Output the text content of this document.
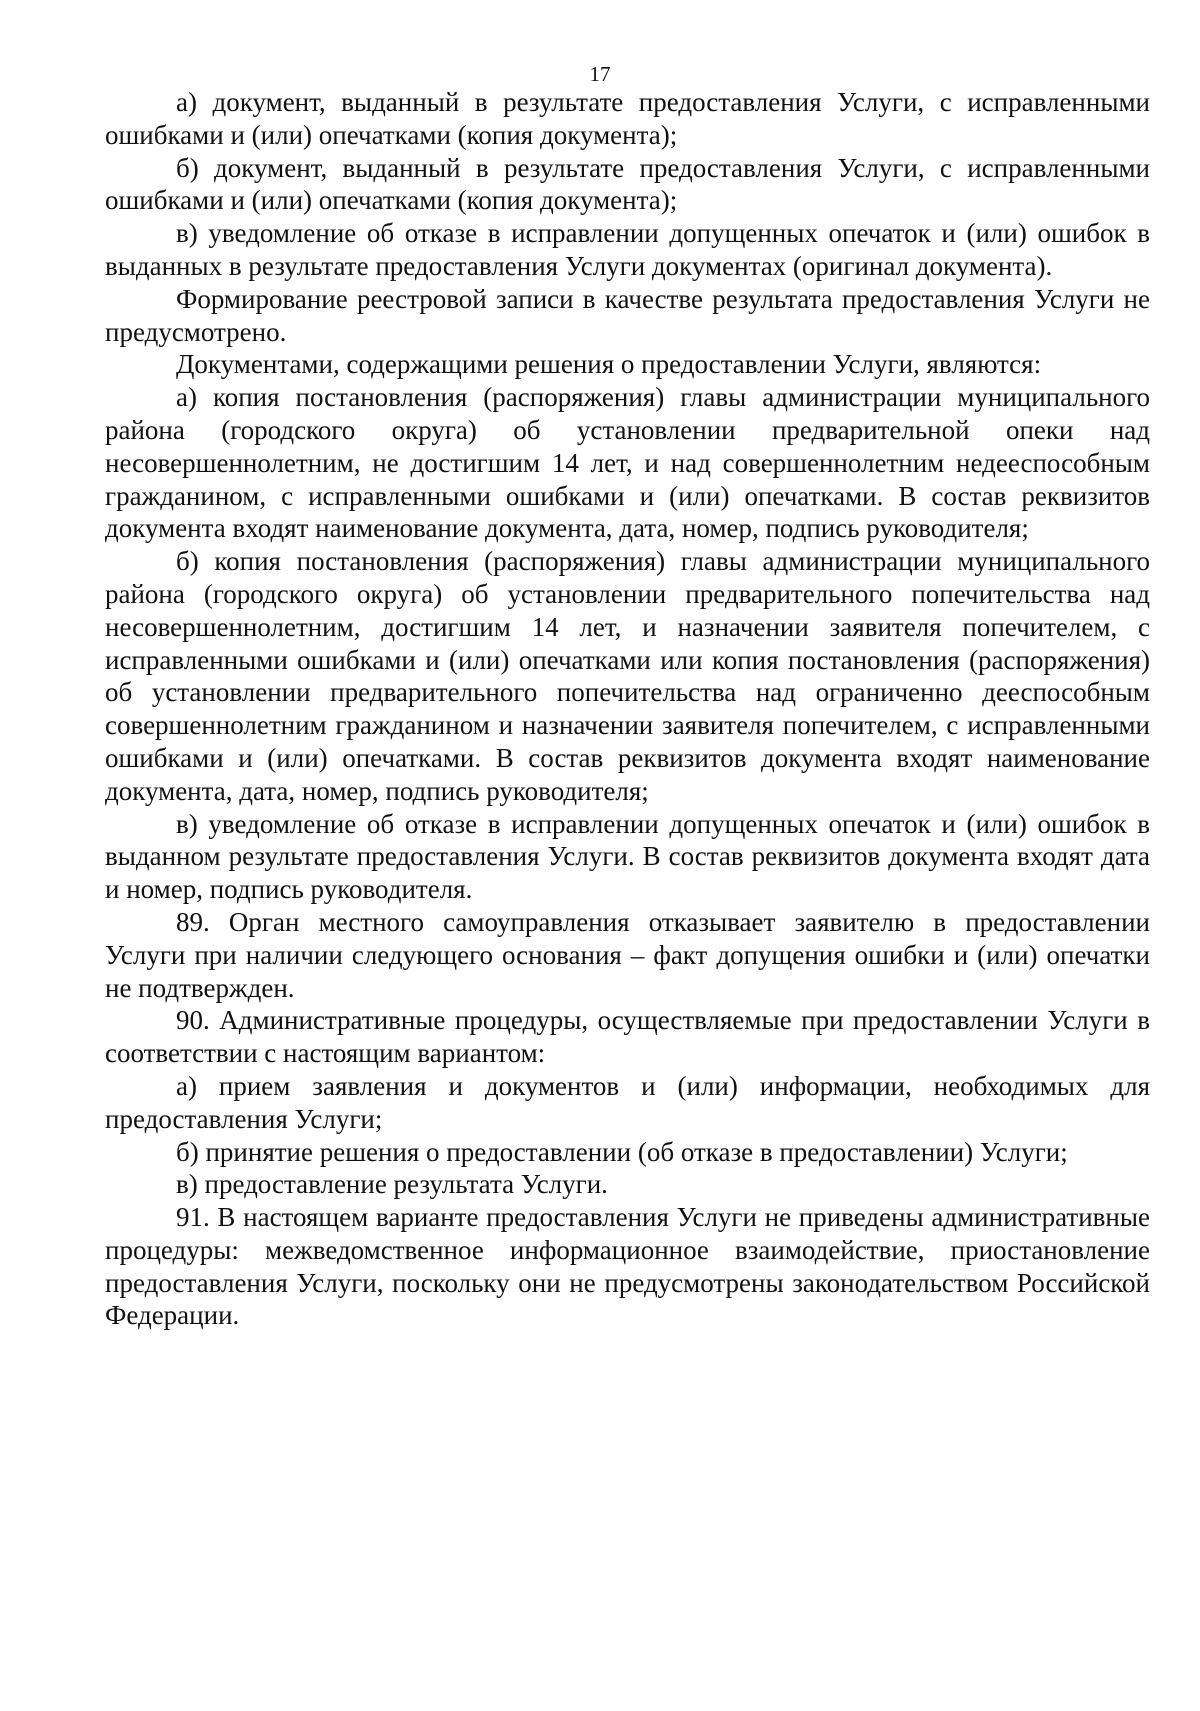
17

а) документ, выданный в результате предоставления Услуги, с исправленными ошибками и (или) опечатками (копия документа);

б) документ, выданный в результате предоставления Услуги, с исправленными ошибками и (или) опечатками (копия документа);

в) уведомление об отказе в исправлении допущенных опечаток и (или) ошибок в выданных в результате предоставления Услуги документах (оригинал документа).

Формирование реестровой записи в качестве результата предоставления Услуги не предусмотрено.

Документами, содержащими решения о предоставлении Услуги, являются:

а) копия постановления (распоряжения) главы администрации муниципального района (городского округа) об установлении предварительной опеки над несовершеннолетним, не достигшим 14 лет, и над совершеннолетним недееспособным гражданином, с исправленными ошибками и (или) опечатками. В состав реквизитов документа входят наименование документа, дата, номер, подпись руководителя;

б) копия постановления (распоряжения) главы администрации муниципального района (городского округа) об установлении предварительного попечительства над несовершеннолетним, достигшим 14 лет, и назначении заявителя попечителем, с исправленными ошибками и (или) опечатками или копия постановления (распоряжения) об установлении предварительного попечительства над ограниченно дееспособным совершеннолетним гражданином и назначении заявителя попечителем, с исправленными ошибками и (или) опечатками. В состав реквизитов документа входят наименование документа, дата, номер, подпись руководителя;

в) уведомление об отказе в исправлении допущенных опечаток и (или) ошибок в выданном результате предоставления Услуги. В состав реквизитов документа входят дата и номер, подпись руководителя.

89. Орган местного самоуправления отказывает заявителю в предоставлении Услуги при наличии следующего основания – факт допущения ошибки и (или) опечатки не подтвержден.

90. Административные процедуры, осуществляемые при предоставлении Услуги в соответствии с настоящим вариантом:

а) прием заявления и документов и (или) информации, необходимых для предоставления Услуги;

б) принятие решения о предоставлении (об отказе в предоставлении) Услуги;

в) предоставление результата Услуги.

91. В настоящем варианте предоставления Услуги не приведены административные процедуры: межведомственное информационное взаимодействие, приостановление предоставления Услуги, поскольку они не предусмотрены законодательством Российской Федерации.
